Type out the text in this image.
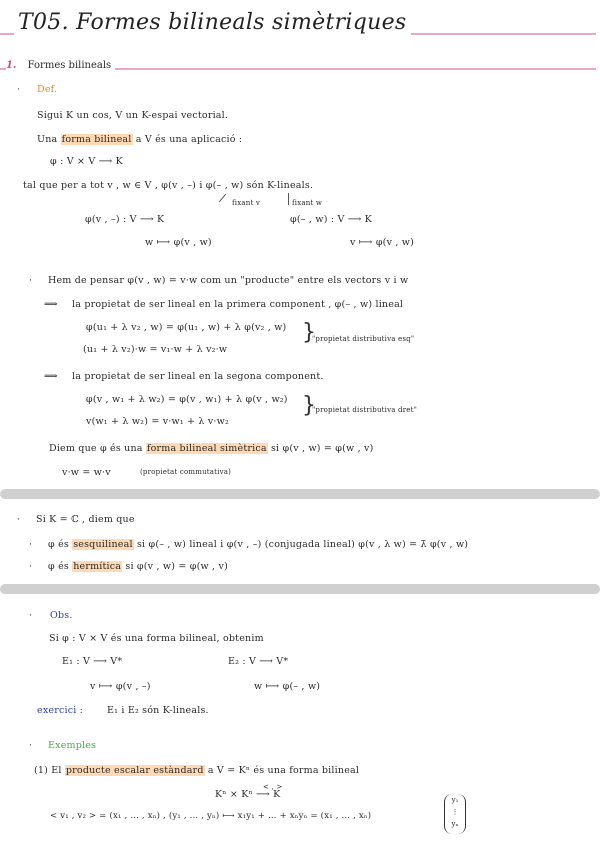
T05. Formes bilineals simètriques
1. Formes bilineals
· Def.
Sigui K un cos, V un K-espai vectorial.
Una forma bilineal a V és una aplicació :
φ : V × V ⟶ K
tal que per a tot v , w ∈ V , φ(v , –) i φ(– , w) són K-lineals.
fixant v	fixant w
φ(v , –) : V ⟶ K	φ(– , w) : V ⟶ K
w ⟼ φ(v , w)	v ⟼ φ(v , w)
· Hem de pensar φ(v , w) = v·w com un "producte" entre els vectors v i w
⟹ la propietat de ser lineal en la primera component , φ(– , w) lineal
φ(u₁ + λ v₂ , w) = φ(u₁ , w) + λ φ(v₂ , w)
(u₁ + λ v₂)·w = v₁·w + λ v₂·w
}
"propietat distributiva esq"
⟹ la propietat de ser lineal en la segona component.
φ(v , w₁ + λ w₂) = φ(v , w₁) + λ φ(v , w₂)
v(w₁ + λ w₂) = v·w₁ + λ v·w₂
}
"propietat distributiva dret"
Diem que φ és una forma bilineal simètrica si φ(v , w) = φ(w , v)
v·w = w·v	(propietat commutativa)
· Si K = ℂ , diem que
· φ és sesquilineal si φ(– , w) lineal i φ(v , –) (conjugada lineal) φ(v , λ w) = λ̄ φ(v , w)
· φ és hermítica si φ(v , w) = φ(w , v)
· Obs.
Si φ : V × V és una forma bilineal, obtenim
E₁ : V ⟶ V*	E₂ : V ⟶ V*
v ⟼ φ(v , –)	w ⟼ φ(– , w)
exercici :	E₁ i E₂ són K-lineals.
· Exemples
(1) El producte escalar estàndard a V = Kⁿ és una forma bilineal
< , >
Kⁿ × Kⁿ ⟶ K
< v₁ , v₂ > = (x₁ , … , xₙ) , (y₁ , … , yₙ) ⟼ x₁y₁ + … + xₙyₙ = (x₁ , … , xₙ)
y₁
⋮
yₙ
